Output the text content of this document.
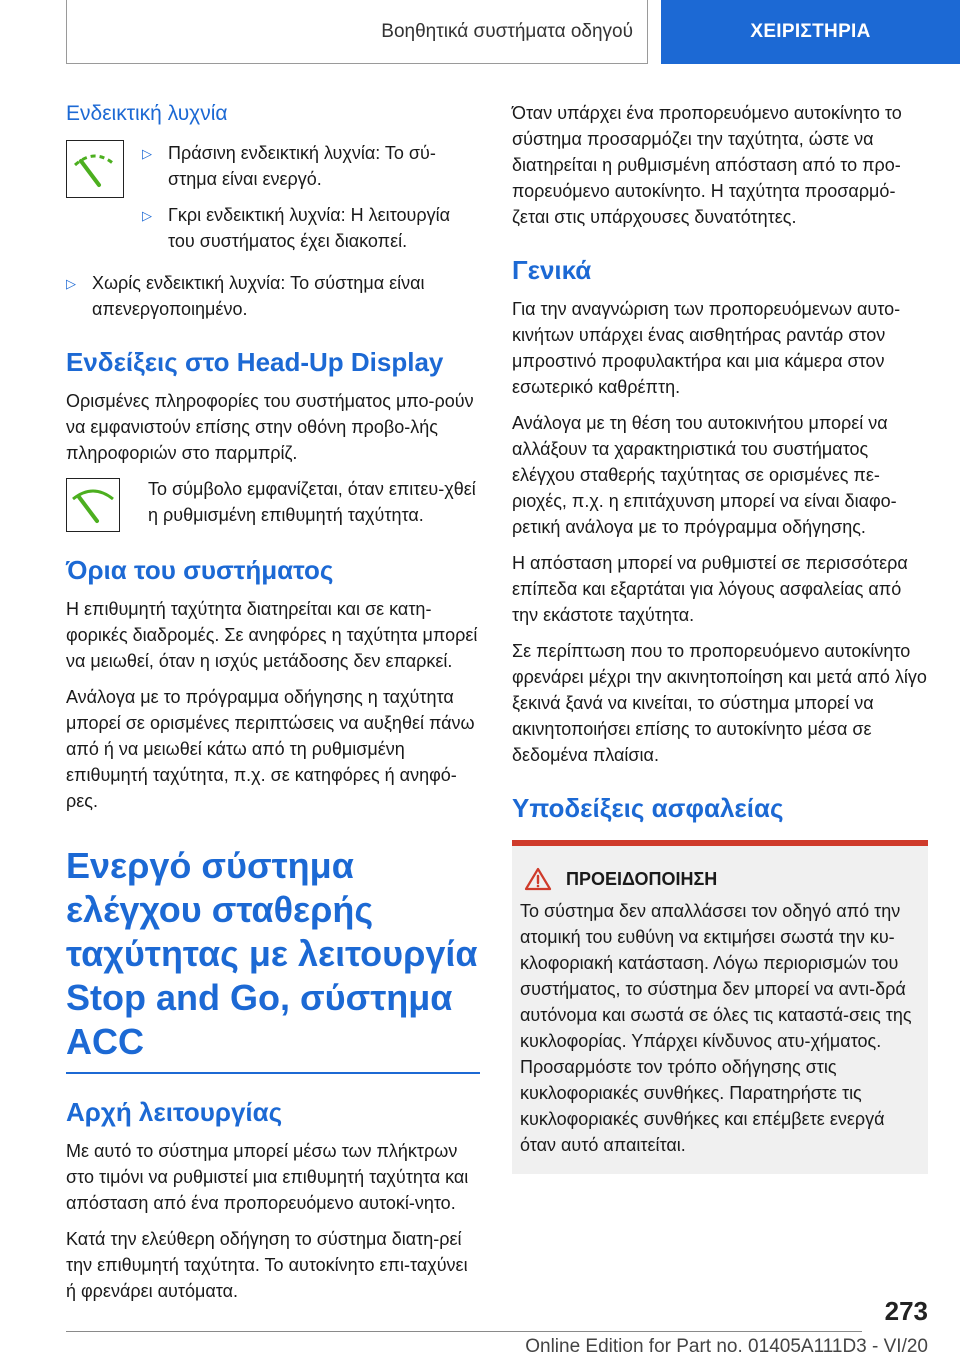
Βοηθητικά συστήματα οδηγού	ΧΕΙΡΙΣΤΗΡΙΑ
Ενδεικτική λυχνία
▷ Πράσινη ενδεικτική λυχνία: Το σύ-στημα είναι ενεργό.
▷ Γκρι ενδεικτική λυχνία: Η λειτουργία του συστήματος έχει διακοπεί.
▷ Χωρίς ενδεικτική λυχνία: Το σύστημα είναι απενεργοποιημένο.
Ενδείξεις στο Head-Up Display

Ορισμένες πληροφορίες του συστήματος μπο-ρούν να εμφανιστούν επίσης στην οθόνη προβο-λής πληροφοριών στο παρμπρίζ.

Το σύμβολο εμφανίζεται, όταν επιτευ-χθεί η ρυθμισμένη επιθυμητή ταχύτητα.
Όρια του συστήματος

Η επιθυμητή ταχύτητα διατηρείται και σε κατη-φορικές διαδρομές. Σε ανηφόρες η ταχύτητα μπορεί να μειωθεί, όταν η ισχύς μετάδοσης δεν επαρκεί.

Ανάλογα με το πρόγραμμα οδήγησης η ταχύτητα μπορεί σε ορισμένες περιπτώσεις να αυξηθεί πάνω από ή να μειωθεί κάτω από τη ρυθμισμένη επιθυμητή ταχύτητα, π.χ. σε κατηφόρες ή ανηφό-ρες.

Ενεργό σύστημα ελέγχου σταθερής ταχύτητας με λειτουργία Stop and Go, σύστημα ACC
Αρχή λειτουργίας

Με αυτό το σύστημα μπορεί μέσω των πλήκτρων στο τιμόνι να ρυθμιστεί μια επιθυμητή ταχύτητα και απόσταση από ένα προπορευόμενο αυτοκί-νητο.

Κατά την ελεύθερη οδήγηση το σύστημα διατη-ρεί την επιθυμητή ταχύτητα. Το αυτοκίνητο επι-ταχύνει ή φρενάρει αυτόματα.

Όταν υπάρχει ένα προπορευόμενο αυτοκίνητο το σύστημα προσαρμόζει την ταχύτητα, ώστε να διατηρείται η ρυθμισμένη απόσταση από το προ-πορευόμενο αυτοκίνητο. Η ταχύτητα προσαρμό-ζεται στις υπάρχουσες δυνατότητες.

Γενικά

Για την αναγνώριση των προπορευόμενων αυτο-κινήτων υπάρχει ένας αισθητήρας ραντάρ στον μπροστινό προφυλακτήρα και μια κάμερα στον εσωτερικό καθρέπτη.

Ανάλογα με τη θέση του αυτοκινήτου μπορεί να αλλάξουν τα χαρακτηριστικά του συστήματος ελέγχου σταθερής ταχύτητας σε ορισμένες πε-ριοχές, π.χ. η επιτάχυνση μπορεί να είναι διαφο-ρετική ανάλογα με το πρόγραμμα οδήγησης.

Η απόσταση μπορεί να ρυθμιστεί σε περισσότερα επίπεδα και εξαρτάται για λόγους ασφαλείας από την εκάστοτε ταχύτητα.

Σε περίπτωση που το προπορευόμενο αυτοκίνητο φρενάρει μέχρι την ακινητοποίηση και μετά από λίγο ξεκινά ξανά να κινείται, το σύστημα μπορεί να ακινητοποιήσει επίσης το αυτοκίνητο μέσα σε δεδομένα πλαίσια.

Υποδείξεις ασφαλείας
ΠΡΟΕΙΔΟΠΟΙΗΣΗ

Το σύστημα δεν απαλλάσσει τον οδηγό από την ατομική του ευθύνη να εκτιμήσει σωστά την κυ-κλοφοριακή κατάσταση. Λόγω περιορισμών του συστήματος, το σύστημα δεν μπορεί να αντι-δρά αυτόνομα και σωστά σε όλες τις καταστά-σεις της κυκλοφορίας. Υπάρχει κίνδυνος ατυ-χήματος. Προσαρμόστε τον τρόπο οδήγησης στις κυκλοφοριακές συνθήκες. Παρατηρήστε τις κυκλοφοριακές συνθήκες και επέμβετε ενεργά όταν αυτό απαιτείται.

273
Online Edition for Part no. 01405A111D3 - VI/20
